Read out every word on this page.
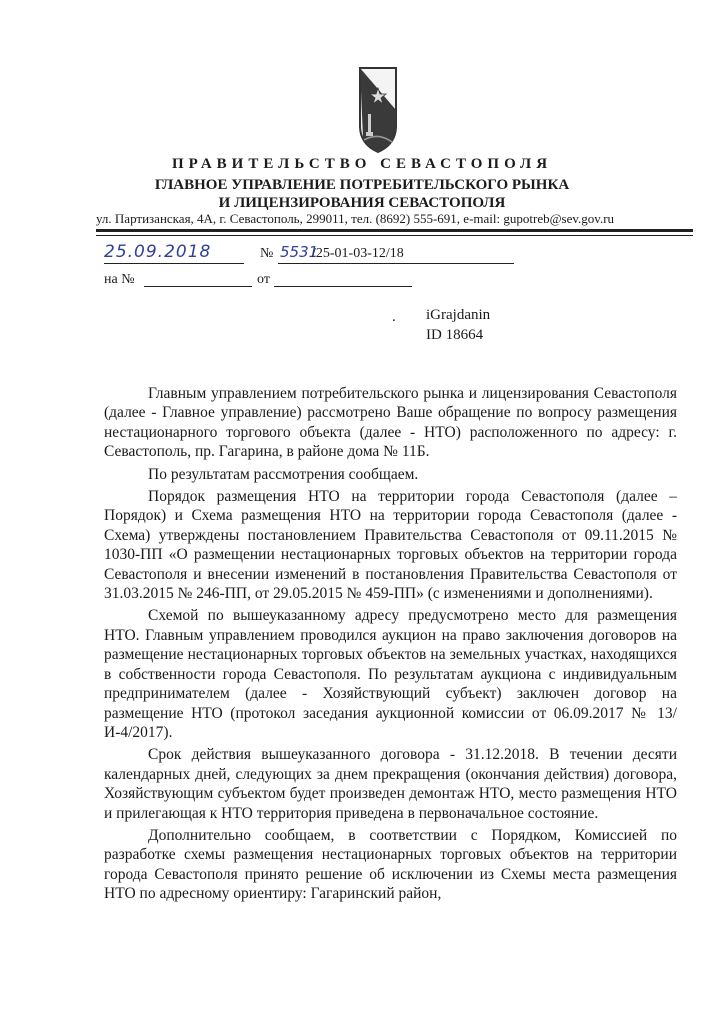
ПРАВИТЕЛЬСТВО СЕВАСТОПОЛЯ
ГЛАВНОЕ УПРАВЛЕНИЕ ПОТРЕБИТЕЛЬСКОГО РЫНКА
И ЛИЦЕНЗИРОВАНИЯ СЕВАСТОПОЛЯ
ул. Партизанская, 4А, г. Севастополь, 299011, тел. (8692) 555-691, e-mail: gupotreb@sev.gov.ru
25.09.2018	№ 5531
/25-01-03-12/18
на №	от
. iGrajdanin
ID 18664

Главным управлением потребительского рынка и лицензирования Севастополя (далее - Главное управление) рассмотрено Ваше обращение по вопросу размещения нестационарного торгового объекта (далее - НТО) расположенного по адресу: г. Севастополь, пр. Гагарина, в районе дома № 11Б.

По результатам рассмотрения сообщаем.

Порядок размещения НТО на территории города Севастополя (далее – Порядок) и Схема размещения НТО на территории города Севастополя (далее - Схема) утверждены постановлением Правительства Севастополя от 09.11.2015 № 1030-ПП «О размещении нестационарных торговых объектов на территории города Севастополя и внесении изменений в постановления Правительства Севастополя от 31.03.2015 № 246-ПП, от 29.05.2015 № 459-ПП» (с изменениями и дополнениями).

Схемой по вышеуказанному адресу предусмотрено место для размещения НТО. Главным управлением проводился аукцион на право заключения договоров на размещение нестационарных торговых объектов на земельных участках, находящихся в собственности города Севастополя. По результатам аукциона с индивидуальным предпринимателем (далее - Хозяйствующий субъект) заключен договор на размещение НТО (протокол заседания аукционной комиссии от 06.09.2017 № 13/И-4/2017).

Срок действия вышеуказанного договора - 31.12.2018. В течении десяти календарных дней, следующих за днем прекращения (окончания действия) договора, Хозяйствующим субъектом будет произведен демонтаж НТО, место размещения НТО и прилегающая к НТО территория приведена в первоначальное состояние.

Дополнительно сообщаем, в соответствии с Порядком, Комиссией по разработке схемы размещения нестационарных торговых объектов на территории города Севастополя принято решение об исключении из Схемы места размещения НТО по адресному ориентиру: Гагаринский район,
